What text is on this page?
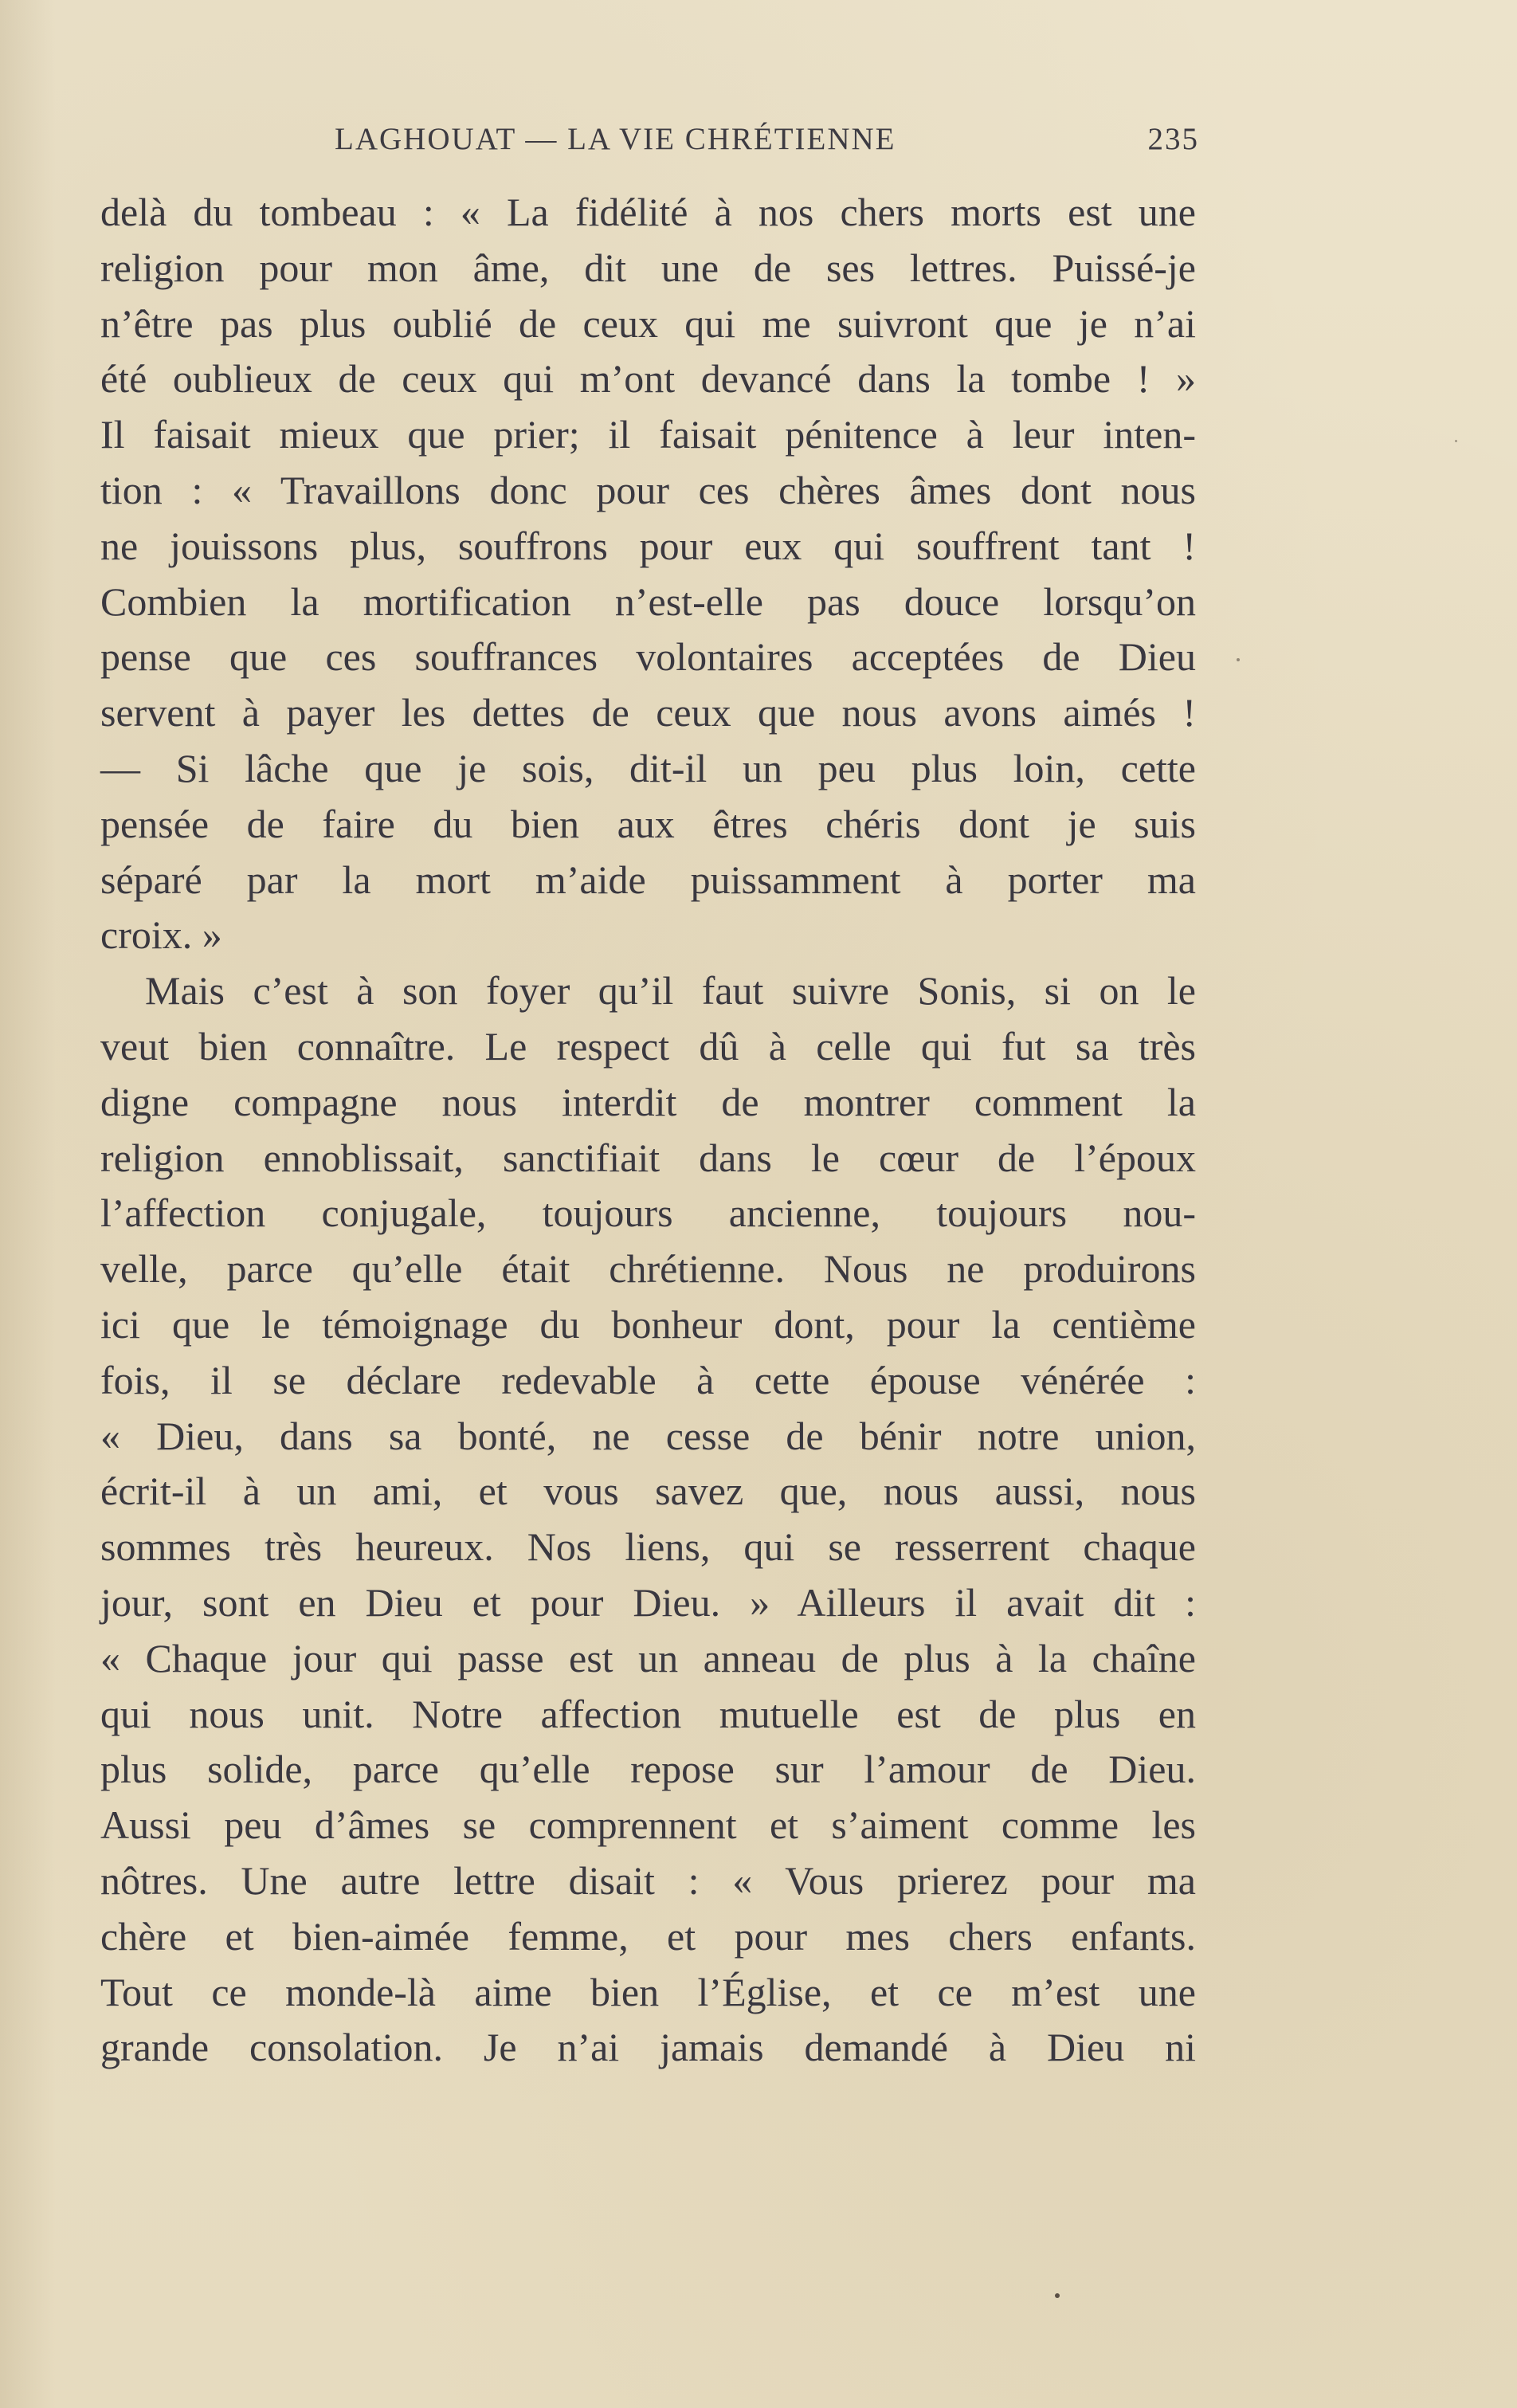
LAGHOUAT — LA VIE CHRÉTIENNE	235
delà du tombeau : « La fidélité à nos chers morts est une
religion pour mon âme, dit une de ses lettres. Puissé-je
n’être pas plus oublié de ceux qui me suivront que je n’ai
été oublieux de ceux qui m’ont devancé dans la tombe ! »
Il faisait mieux que prier; il faisait pénitence à leur inten-
tion : « Travaillons donc pour ces chères âmes dont nous
ne jouissons plus, souffrons pour eux qui souffrent tant !
Combien la mortification n’est-elle pas douce lorsqu’on
pense que ces souffrances volontaires acceptées de Dieu
servent à payer les dettes de ceux que nous avons aimés !
— Si lâche que je sois, dit-il un peu plus loin, cette
pensée de faire du bien aux êtres chéris dont je suis
séparé par la mort m’aide puissamment à porter ma
croix. »
Mais c’est à son foyer qu’il faut suivre Sonis, si on le
veut bien connaître. Le respect dû à celle qui fut sa très
digne compagne nous interdit de montrer comment la
religion ennoblissait, sanctifiait dans le cœur de l’époux
l’affection conjugale, toujours ancienne, toujours nou-
velle, parce qu’elle était chrétienne. Nous ne produirons
ici que le témoignage du bonheur dont, pour la centième
fois, il se déclare redevable à cette épouse vénérée :
« Dieu, dans sa bonté, ne cesse de bénir notre union,
écrit-il à un ami, et vous savez que, nous aussi, nous
sommes très heureux. Nos liens, qui se resserrent chaque
jour, sont en Dieu et pour Dieu. » Ailleurs il avait dit :
« Chaque jour qui passe est un anneau de plus à la chaîne
qui nous unit. Notre affection mutuelle est de plus en
plus solide, parce qu’elle repose sur l’amour de Dieu.
Aussi peu d’âmes se comprennent et s’aiment comme les
nôtres. Une autre lettre disait : « Vous prierez pour ma
chère et bien-aimée femme, et pour mes chers enfants.
Tout ce monde-là aime bien l’Église, et ce m’est une
grande consolation. Je n’ai jamais demandé à Dieu ni
